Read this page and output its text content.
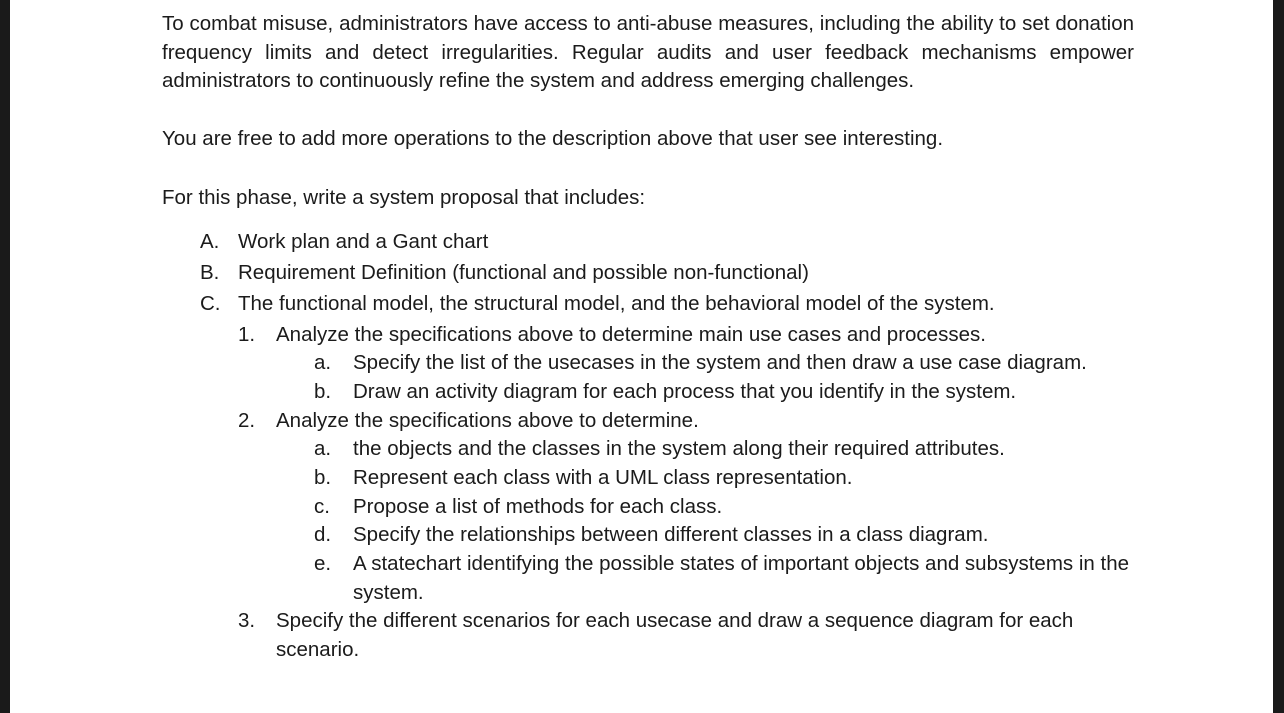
To combat misuse, administrators have access to anti-abuse measures, including the ability to set donation frequency limits and detect irregularities. Regular audits and user feedback mechanisms empower administrators to continuously refine the system and address emerging challenges.

You are free to add more operations to the description above that user see interesting.

For this phase, write a system proposal that includes:

A. Work plan and a Gant chart
B. Requirement Definition (functional and possible non-functional)
C. The functional model, the structural model, and the behavioral model of the system.
1. Analyze the specifications above to determine main use cases and processes.
a. Specify the list of the usecases in the system and then draw a use case diagram.
b. Draw an activity diagram for each process that you identify in the system.
2. Analyze the specifications above to determine.
a. the objects and the classes in the system along their required attributes.
b. Represent each class with a UML class representation.
c. Propose a list of methods for each class.
d. Specify the relationships between different classes in a class diagram.
e. A statechart identifying the possible states of important objects and subsystems in the system.
3. Specify the different scenarios for each usecase and draw a sequence diagram for each scenario.
